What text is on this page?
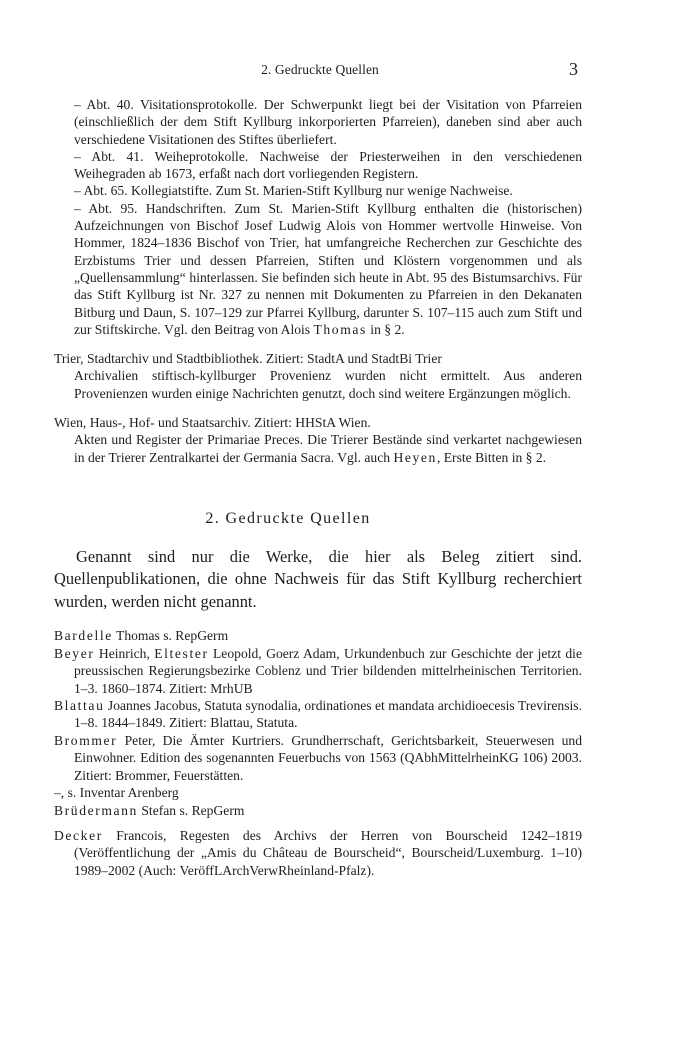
2. Gedruckte Quellen	3

– Abt. 40. Visitationsprotokolle. Der Schwerpunkt liegt bei der Visitation von Pfarreien (einschließlich der dem Stift Kyllburg inkorporierten Pfarreien), daneben sind aber auch verschiedene Visitationen des Stiftes überliefert.

– Abt. 41. Weiheprotokolle. Nachweise der Priesterweihen in den verschiedenen Weihegraden ab 1673, erfaßt nach dort vorliegenden Registern.

– Abt. 65. Kollegiatstifte. Zum St. Marien-Stift Kyllburg nur wenige Nachweise.

– Abt. 95. Handschriften. Zum St. Marien-Stift Kyllburg enthalten die (historischen) Aufzeichnungen von Bischof Josef Ludwig Alois von Hommer wertvolle Hinweise. Von Hommer, 1824–1836 Bischof von Trier, hat umfangreiche Recherchen zur Geschichte des Erzbistums Trier und dessen Pfarreien, Stiften und Klöstern vorgenommen und als „Quellensammlung“ hinterlassen. Sie befinden sich heute in Abt. 95 des Bistumsarchivs. Für das Stift Kyllburg ist Nr. 327 zu nennen mit Dokumenten zu Pfarreien in den Dekanaten Bitburg und Daun, S. 107–129 zur Pfarrei Kyllburg, darunter S. 107–115 auch zum Stift und zur Stiftskirche. Vgl. den Beitrag von Alois Thomas in § 2.

Trier, Stadtarchiv und Stadtbibliothek. Zitiert: StadtA und StadtBi Trier

Archivalien stiftisch-kyllburger Provenienz wurden nicht ermittelt. Aus anderen Provenienzen wurden einige Nachrichten genutzt, doch sind weitere Ergänzungen möglich.

Wien, Haus-, Hof- und Staatsarchiv. Zitiert: HHStA Wien.

Akten und Register der Primariae Preces. Die Trierer Bestände sind verkartet nachgewiesen in der Trierer Zentralkartei der Germania Sacra. Vgl. auch Heyen, Erste Bitten in § 2.

2. Gedruckte Quellen

Genannt sind nur die Werke, die hier als Beleg zitiert sind. Quellenpublikationen, die ohne Nachweis für das Stift Kyllburg recherchiert wurden, werden nicht genannt.

Bardelle Thomas s. RepGerm

Beyer Heinrich, Eltester Leopold, Goerz Adam, Urkundenbuch zur Geschichte der jetzt die preussischen Regierungsbezirke Coblenz und Trier bildenden mittelrheinischen Territorien. 1–3. 1860–1874. Zitiert: MrhUB

Blattau Joannes Jacobus, Statuta synodalia, ordinationes et mandata archidioecesis Trevirensis. 1–8. 1844–1849. Zitiert: Blattau, Statuta.

Brommer Peter, Die Ämter Kurtriers. Grundherrschaft, Gerichtsbarkeit, Steuerwesen und Einwohner. Edition des sogenannten Feuerbuchs von 1563 (QAbhMittelrheinKG 106) 2003. Zitiert: Brommer, Feuerstätten.

–, s. Inventar Arenberg

Brüdermann Stefan s. RepGerm

Decker Francois, Regesten des Archivs der Herren von Bourscheid 1242–1819 (Veröffentlichung der „Amis du Château de Bourscheid“, Bourscheid/Luxemburg. 1–10) 1989–2002 (Auch: VeröffLArchVerwRheinland-Pfalz).
